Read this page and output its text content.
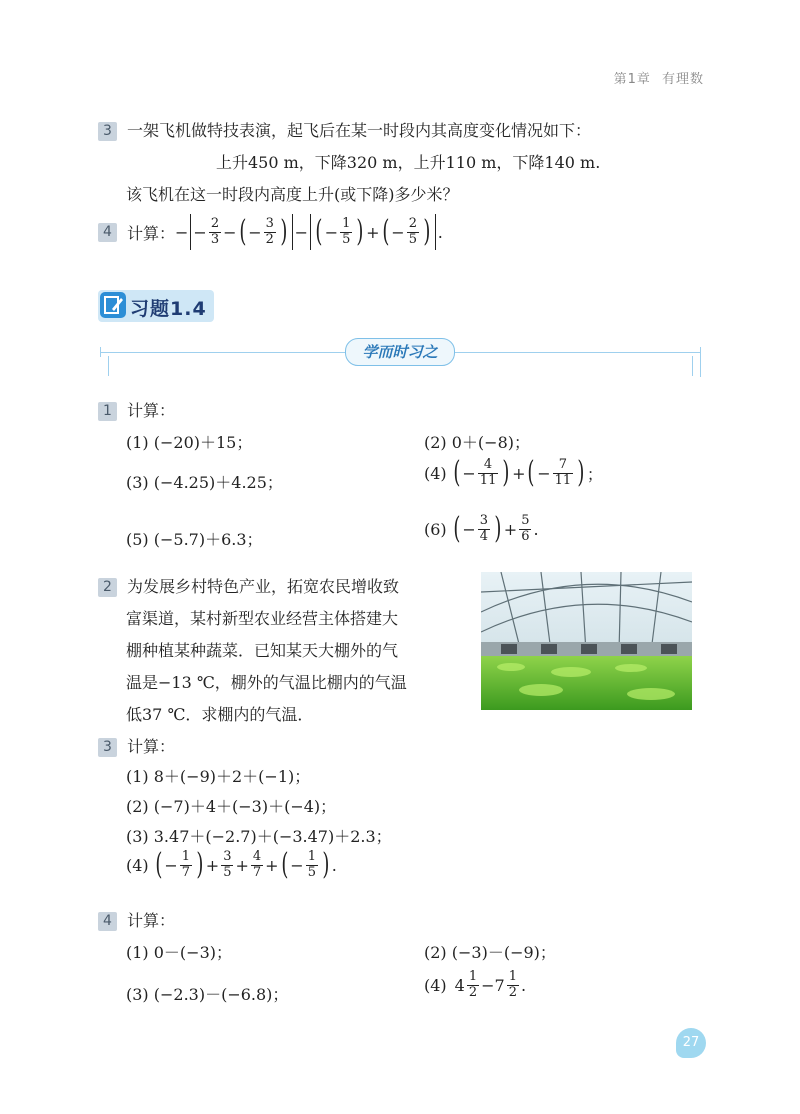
第1章 有理数
3 一架飞机做特技表演，起飞后在某一时段内其高度变化情况如下：
上升450 m，下降320 m，上升110 m，下降140 m.
该飞机在这一时段内高度上升(或下降)多少米？
4 计算： − − $\frac{2}{3}$ − ( − $\frac{3}{2}$ ) − ( − $\frac{1}{5}$ ) + ( − $\frac{2}{5}$ ) .
习题1.4
学而时习之
1 计算：
(1) (−20)＋15；	(2) 0＋(−8)；
(3) (−4.25)＋4.25；	(4) ( − $\frac{4}{11}$ ) + ( − $\frac{7}{11}$ ) ；
(5) (−5.7)＋6.3；
(6) ( − $\frac{3}{4}$ ) + $\frac{5}{6}$ .
2 为发展乡村特色产业，拓宽农民增收致
富渠道，某村新型农业经营主体搭建大
棚种植某种蔬菜．已知某天大棚外的气
温是−13 ℃，棚外的气温比棚内的气温
低37 ℃．求棚内的气温．
3 计算：
(1) 8＋(−9)＋2＋(−1)；
(2) (−7)＋4＋(−3)＋(−4)；
(3) 3.47＋(−2.7)＋(−3.47)＋2.3；
(4) ( − $\frac{1}{7}$ ) + $\frac{3}{5} + \frac{4}{7}$ + ( − $\frac{1}{5}$ ) .
4 计算：
(1) 0－(−3)；	(2) (−3)－(−9)；
(3) (−2.3)－(−6.8)；	(4) $4 \frac{1}{2} - 7 \frac{1}{2}$ .
27
